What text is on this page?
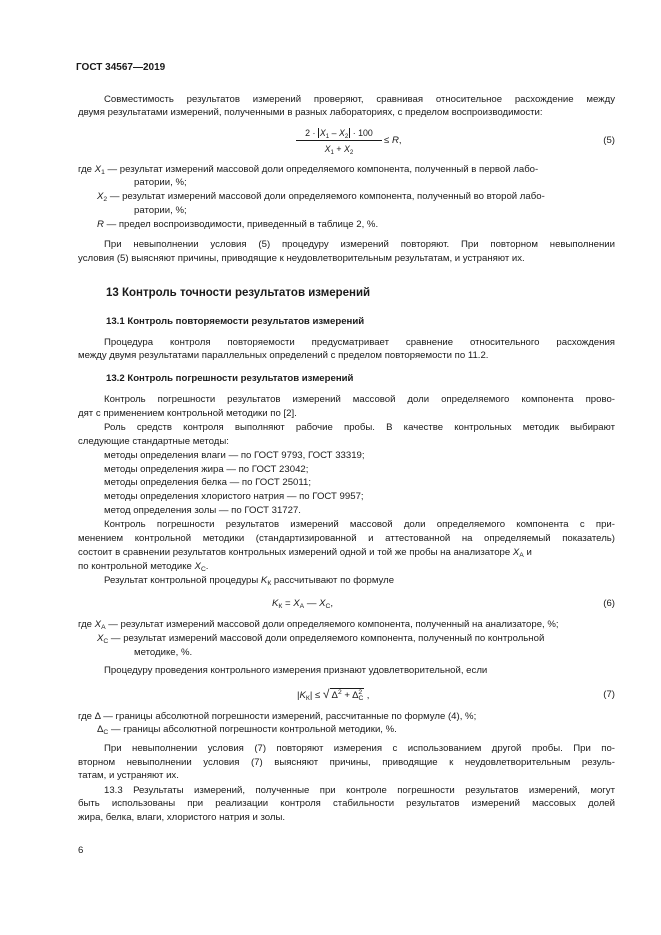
ГОСТ 34567—2019
Совместимость результатов измерений проверяют, сравнивая относительное расхождение между
двумя результатами измерений, полученными в разных лабораториях, с пределом воспроизводимости:
$\frac{2 \cdot X_1 - X_2 \cdot 100}{X_1 + X_2} \le R$,	(5)
где $X_1$ — результат измерений массовой доли определяемого компонента, полученный в первой лабо-
ратории, %;
$X_2$ — результат измерений массовой доли определяемого компонента, полученный во второй лабо-
ратории, %;
R — предел воспроизводимости, приведенный в таблице 2, %.
При невыполнении условия (5) процедуру измерений повторяют. При повторном невыполнении
условия (5) выясняют причины, приводящие к неудовлетворительным результатам, и устраняют их.
13 Контроль точности результатов измерений
13.1 Контроль повторяемости результатов измерений
Процедура контроля повторяемости предусматривает сравнение относительного расхождения
между двумя результатами параллельных определений с пределом повторяемости по 11.2.
13.2 Контроль погрешности результатов измерений
Контроль погрешности результатов измерений массовой доли определяемого компонента прово-
дят с применением контрольной методики по [2].
Роль средств контроля выполняют рабочие пробы. В качестве контрольных методик выбирают
следующие стандартные методы:
методы определения влаги — по ГОСТ 9793, ГОСТ 33319;
методы определения жира — по ГОСТ 23042;
методы определения белка — по ГОСТ 25011;
методы определения хлористого натрия — по ГОСТ 9957;
метод определения золы — по ГОСТ 31727.
Контроль погрешности результатов измерений массовой доли определяемого компонента с при-
менением контрольной методики (стандартизированной и аттестованной на определяемый показатель)
состоит в сравнении результатов контрольных измерений одной и той же пробы на анализаторе $X_A$ и
по контрольной методике $X_C$.
Результат контрольной процедуры $K_К$ рассчитывают по формуле
$K_К = X_A$ — $X_C$,	(6)
где $X_A$ — результат измерений массовой доли определяемого компонента, полученный на анализаторе, %;
$X_C$ — результат измерений массовой доли определяемого компонента, полученный по контрольной
методике, %.
Процедуру проведения контрольного измерения признают удовлетворительной, если
$|K_К|$ ≤ √ $\Delta^2 + \Delta_C^2$ ,	(7)
где Δ — границы абсолютной погрешности измерений, рассчитанные по формуле (4), %;
$\Delta_C$ — границы абсолютной погрешности контрольной методики, %.
При невыполнении условия (7) повторяют измерения с использованием другой пробы. При по-
вторном невыполнении условия (7) выясняют причины, приводящие к неудовлетворительным резуль-
татам, и устраняют их.
13.3 Результаты измерений, полученные при контроле погрешности результатов измерений, могут
быть использованы при реализации контроля стабильности результатов измерений массовых долей
жира, белка, влаги, хлористого натрия и золы.
6
